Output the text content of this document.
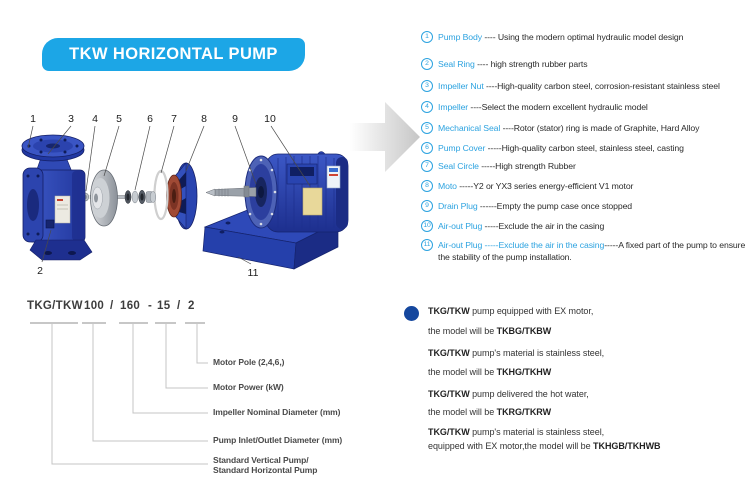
TKW HORIZONTAL PUMP
1	3 4 5 6 7 8 9 10
2	11
1	Pump Body ---- Using the modern optimal hydraulic model design
2	Seal Ring ---- high strength rubber parts
3	Impeller Nut ----High-quality carbon steel, corrosion-resistant stainless steel
4	Impeller ----Select the modern excellent hydraulic model
5	Mechanical Seal ----Rotor (stator) ring is made of Graphite, Hard Alloy
6	Pump Cover -----High-quality carbon steel, stainless steel, casting
7	Seal Circle -----High strength Rubber
8	Moto -----Y2 or YX3 series energy-efficient V1 motor
9	Drain Plug ------Empty the pump case once stopped
10 Air-out Plug -----Exclude the air in the casing
11 Air-out Plug -----Exclude the air in the casing-----A fixed part of the pump to ensure the stability of the pump installation.
TKG/TKW 100 / 160 - 15 / 2
Motor Pole (2,4,6,)
Motor Power (kW)
Impeller Nominal Diameter (mm)
Pump Inlet/Outlet Diameter (mm)
Standard Vertical Pump/
Standard Horizontal Pump
TKG/TKW pump equipped with EX motor,
the model will be TKBG/TKBW
TKG/TKW pump's material is stainless steel,
the model will be TKHG/TKHW
TKG/TKW pump delivered the hot water,
the model will be TKRG/TKRW
TKG/TKW pump's material is stainless steel,
equipped with EX motor,the model will be TKHGB/TKHWB
